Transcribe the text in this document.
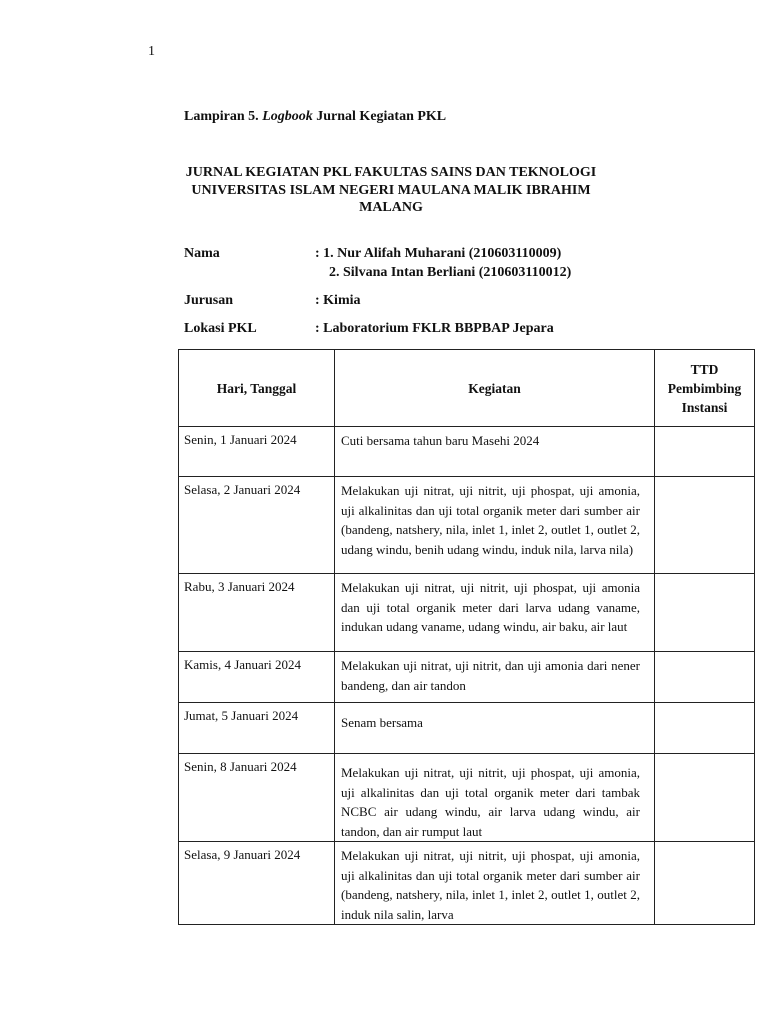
1
Lampiran 5. Logbook Jurnal Kegiatan PKL
JURNAL KEGIATAN PKL FAKULTAS SAINS DAN TEKNOLOGI
UNIVERSITAS ISLAM NEGERI MAULANA MALIK IBRAHIM
MALANG
Nama	: 1. Nur Alifah Muharani (210603110009)
2. Silvana Intan Berliani (210603110012)
Jurusan	: Kimia
Lokasi PKL	: Laboratorium FKLR BBPBAP Jepara
Hari, Tanggal	Kegiatan	TTD
Pembimbing
Instansi

Senin, 1 Januari 2024	Cuti bersama tahun baru Masehi 2024	
Selasa, 2 Januari 2024	Melakukan uji nitrat, uji nitrit, uji phospat, uji amonia, uji alkalinitas dan uji total organik meter dari sumber air (bandeng, natshery, nila, inlet 1, inlet 2, outlet 1, outlet 2, udang windu, benih udang windu, induk nila, larva nila)	
Rabu, 3 Januari 2024	Melakukan uji nitrat, uji nitrit, uji phospat, uji amonia dan uji total organik meter dari larva udang vaname, indukan udang vaname, udang windu, air baku, air laut	
Kamis, 4 Januari 2024	Melakukan uji nitrat, uji nitrit, dan uji amonia dari nener bandeng, dan air tandon	
Jumat, 5 Januari 2024	Senam bersama	
Senin, 8 Januari 2024	Melakukan uji nitrat, uji nitrit, uji phospat, uji amonia, uji alkalinitas dan uji total organik meter dari tambak NCBC air udang windu, air larva udang windu, air tandon, dan air rumput laut	
Selasa, 9 Januari 2024	Melakukan uji nitrat, uji nitrit, uji phospat, uji amonia, uji alkalinitas dan uji total organik meter dari sumber air (bandeng, natshery, nila, inlet 1, inlet 2, outlet 1, outlet 2, induk nila salin, larva	
